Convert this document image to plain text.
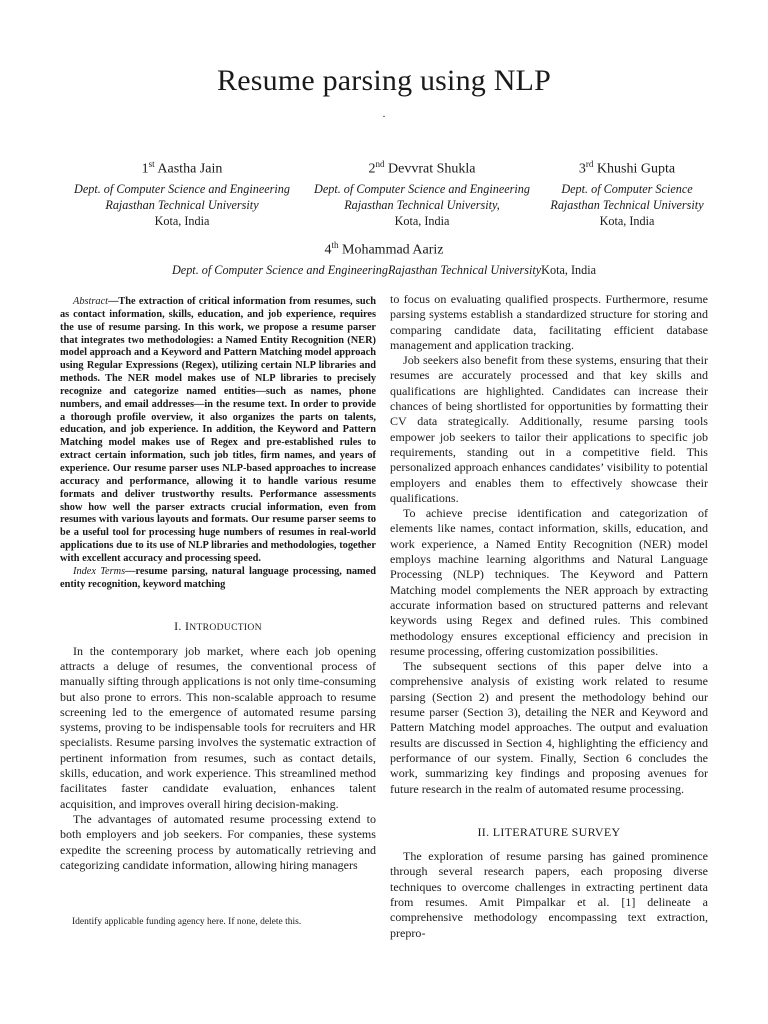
Resume parsing using NLP
.
1st Aastha Jain
Dept. of Computer Science and Engineering
Rajasthan Technical University
Kota, India
2nd Devvrat Shukla
Dept. of Computer Science and Engineering
Rajasthan Technical University,
Kota, India
3rd Khushi Gupta
Dept. of Computer Science
Rajasthan Technical University
Kota, India
4th Mohammad Aariz
Dept. of Computer Science and EngineeringRajasthan Technical UniversityKota, India

Abstract—The extraction of critical information from resumes, such as contact information, skills, education, and job experience, requires the use of resume parsing. In this work, we propose a resume parser that integrates two methodologies: a Named Entity Recognition (NER) model approach and a Keyword and Pattern Matching model approach using Regular Expressions (Regex), utilizing certain NLP libraries and methods. The NER model makes use of NLP libraries to precisely recognize and categorize named entities—such as names, phone numbers, and email addresses—in the resume text. In order to provide a thorough profile overview, it also organizes the parts on talents, education, and job experience. In addition, the Keyword and Pattern Matching model makes use of Regex and pre-established rules to extract certain information, such job titles, firm names, and years of experience. Our resume parser uses NLP-based approaches to increase accuracy and performance, allowing it to handle various resume formats and deliver trustworthy results. Performance assessments show how well the parser extracts crucial information, even from resumes with various layouts and formats. Our resume parser seems to be a useful tool for processing huge numbers of resumes in real-world applications due to its use of NLP libraries and methodologies, together with excellent accuracy and processing speed.

Index Terms—resume parsing, natural language processing, named entity recognition, keyword matching

I. INTRODUCTION

In the contemporary job market, where each job opening attracts a deluge of resumes, the conventional process of manually sifting through applications is not only time-consuming but also prone to errors. This non-scalable approach to resume screening led to the emergence of automated resume parsing systems, proving to be indispensable tools for recruiters and HR specialists. Resume parsing involves the systematic extraction of pertinent information from resumes, such as contact details, skills, education, and work experience. This streamlined method facilitates faster candidate evaluation, enhances talent acquisition, and improves overall hiring decision-making.

The advantages of automated resume processing extend to both employers and job seekers. For companies, these systems expedite the screening process by automatically retrieving and categorizing candidate information, allowing hiring managers

to focus on evaluating qualified prospects. Furthermore, resume parsing systems establish a standardized structure for storing and comparing candidate data, facilitating efficient database management and application tracking.

Job seekers also benefit from these systems, ensuring that their resumes are accurately processed and that key skills and qualifications are highlighted. Candidates can increase their chances of being shortlisted for opportunities by formatting their CV data strategically. Additionally, resume parsing tools empower job seekers to tailor their applications to specific job requirements, standing out in a competitive field. This personalized approach enhances candidates’ visibility to potential employers and enables them to effectively showcase their qualifications.

To achieve precise identification and categorization of elements like names, contact information, skills, education, and work experience, a Named Entity Recognition (NER) model employs machine learning algorithms and Natural Language Processing (NLP) techniques. The Keyword and Pattern Matching model complements the NER approach by extracting accurate information based on structured patterns and relevant keywords using Regex and defined rules. This combined methodology ensures exceptional efficiency and precision in resume processing, offering customization possibilities.

The subsequent sections of this paper delve into a comprehensive analysis of existing work related to resume parsing (Section 2) and present the methodology behind our resume parser (Section 3), detailing the NER and Keyword and Pattern Matching model approaches. The output and evaluation results are discussed in Section 4, highlighting the efficiency and performance of our system. Finally, Section 6 concludes the work, summarizing key findings and proposing avenues for future research in the realm of automated resume processing.

II. LITERATURE SURVEY

The exploration of resume parsing has gained prominence through several research papers, each proposing diverse techniques to overcome challenges in extracting pertinent data from resumes. Amit Pimpalkar et al. [1] delineate a comprehensive methodology encompassing text extraction, prepro-

Identify applicable funding agency here. If none, delete this.
